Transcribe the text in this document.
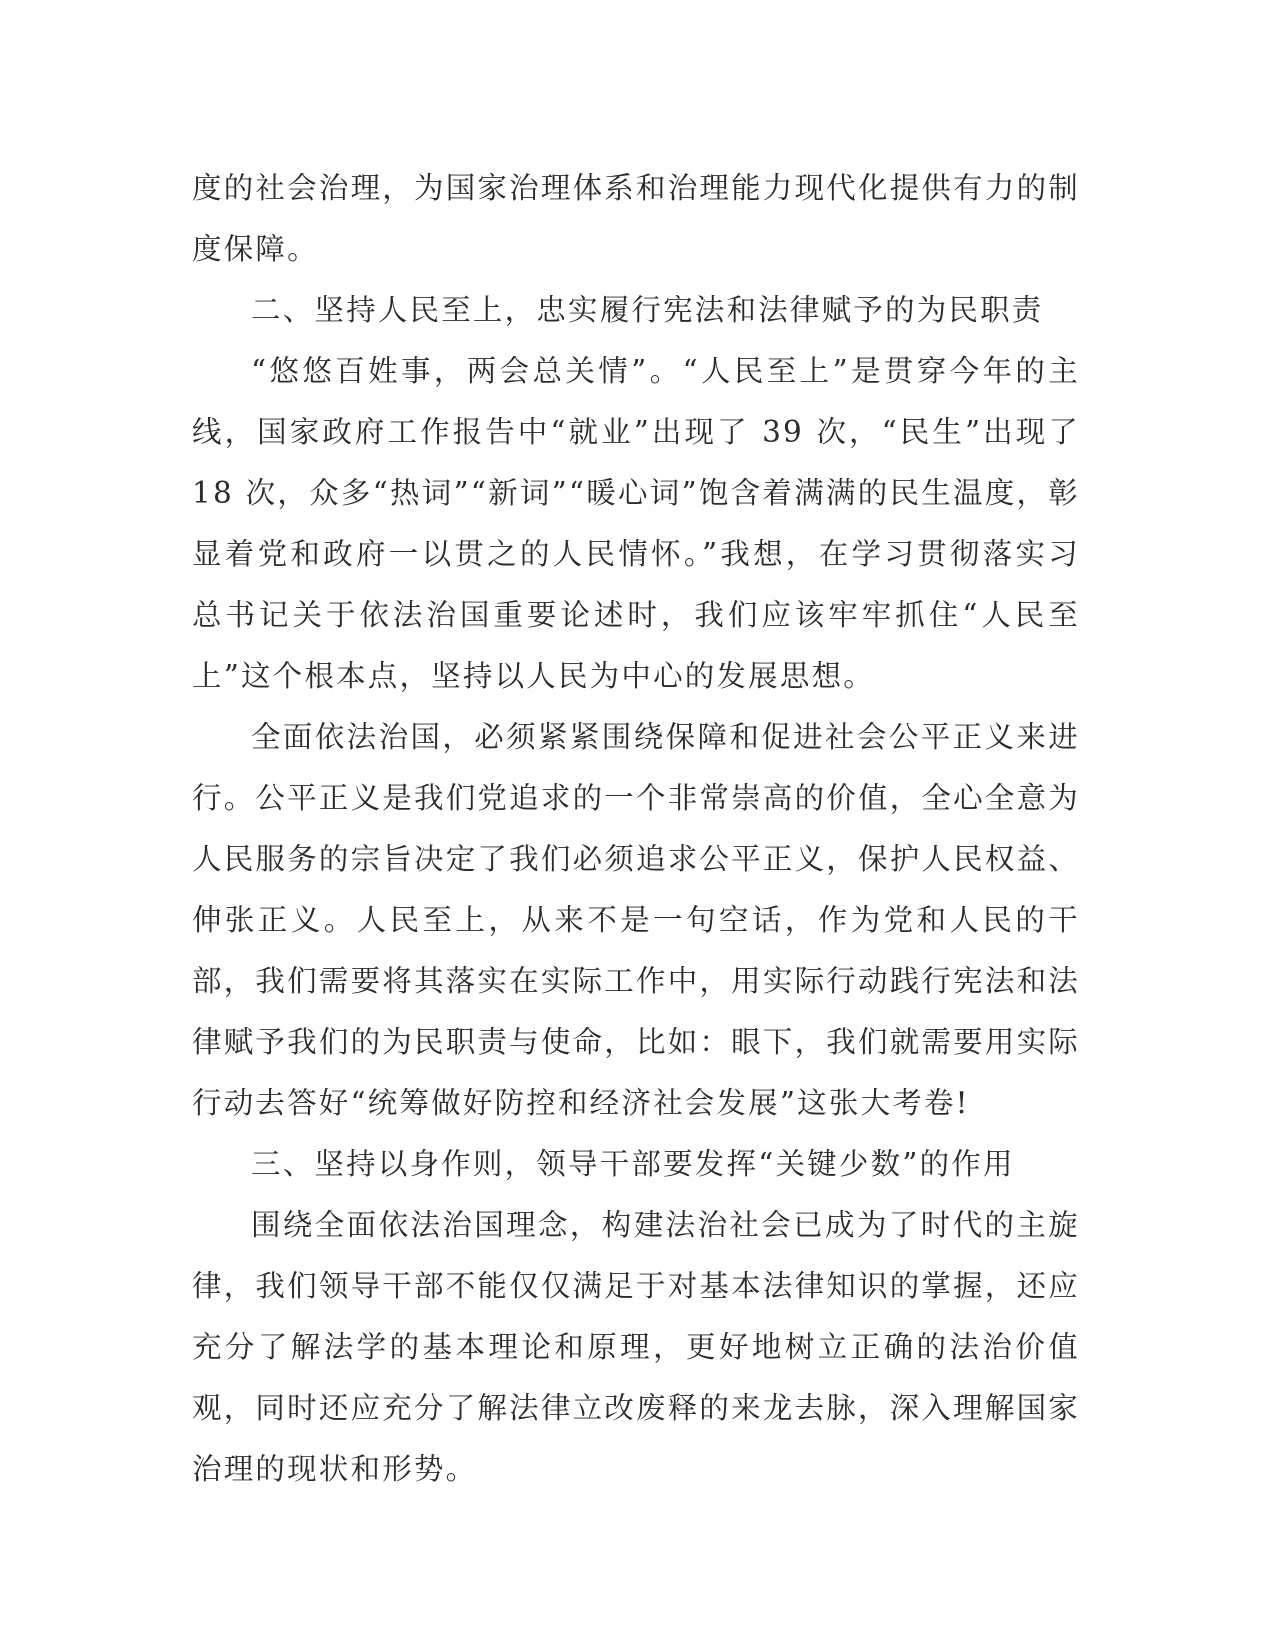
度的社会治理，为国家治理体系和治理能力现代化提供有力的制度保障。

二、坚持人民至上，忠实履行宪法和法律赋予的为民职责

“悠悠百姓事，两会总关情”。“人民至上”是贯穿今年的主线，国家政府工作报告中“就业”出现了 39 次，“民生”出现了 18 次，众多“热词”“新词”“暖心词”饱含着满满的民生温度，彰显着党和政府一以贯之的人民情怀。”我想，在学习贯彻落实习总书记关于依法治国重要论述时，我们应该牢牢抓住“人民至上”这个根本点，坚持以人民为中心的发展思想。

全面依法治国，必须紧紧围绕保障和促进社会公平正义来进行。公平正义是我们党追求的一个非常崇高的价值，全心全意为人民服务的宗旨决定了我们必须追求公平正义，保护人民权益、伸张正义。人民至上，从来不是一句空话，作为党和人民的干部，我们需要将其落实在实际工作中，用实际行动践行宪法和法律赋予我们的为民职责与使命，比如：眼下，我们就需要用实际行动去答好“统筹做好防控和经济社会发展”这张大考卷!

三、坚持以身作则，领导干部要发挥“关键少数”的作用

围绕全面依法治国理念，构建法治社会已成为了时代的主旋律，我们领导干部不能仅仅满足于对基本法律知识的掌握，还应充分了解法学的基本理论和原理，更好地树立正确的法治价值观，同时还应充分了解法律立改废释的来龙去脉，深入理解国家治理的现状和形势。
